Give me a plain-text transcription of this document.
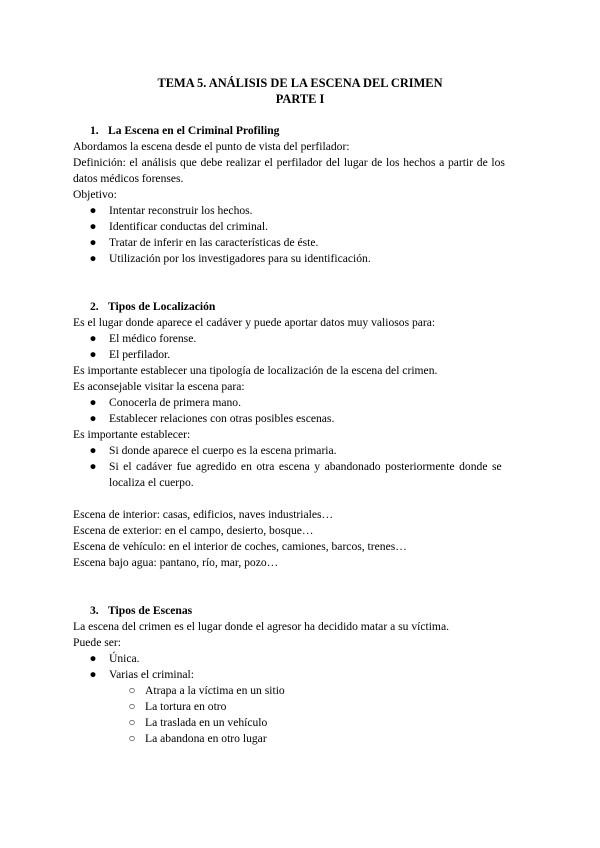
TEMA 5. ANÁLISIS DE LA ESCENA DEL CRIMEN
PARTE I
1. La Escena en el Criminal Profiling
Abordamos la escena desde el punto de vista del perfilador:
Definición: el análisis que debe realizar el perfilador del lugar de los hechos a partir de los
datos médicos forenses.
Objetivo:
● Intentar reconstruir los hechos.
● Identificar conductas del criminal.
● Tratar de inferir en las características de éste.
● Utilización por los investigadores para su identificación.
2. Tipos de Localización
Es el lugar donde aparece el cadáver y puede aportar datos muy valiosos para:
● El médico forense.
● El perfilador.
Es importante establecer una tipología de localización de la escena del crimen.
Es aconsejable visitar la escena para:
● Conocerla de primera mano.
● Establecer relaciones con otras posibles escenas.
Es importante establecer:
● Si donde aparece el cuerpo es la escena primaria.
● Si el cadáver fue agredido en otra escena y abandonado posteriormente donde se
localiza el cuerpo.
Escena de interior: casas, edificios, naves industriales…
Escena de exterior: en el campo, desierto, bosque…
Escena de vehículo: en el interior de coches, camiones, barcos, trenes…
Escena bajo agua: pantano, río, mar, pozo…
3. Tipos de Escenas
La escena del crimen es el lugar donde el agresor ha decidido matar a su víctima.
Puede ser:
● Única.
● Varias el criminal:
○ Atrapa a la víctima en un sitio
○ La tortura en otro
○ La traslada en un vehículo
○ La abandona en otro lugar
